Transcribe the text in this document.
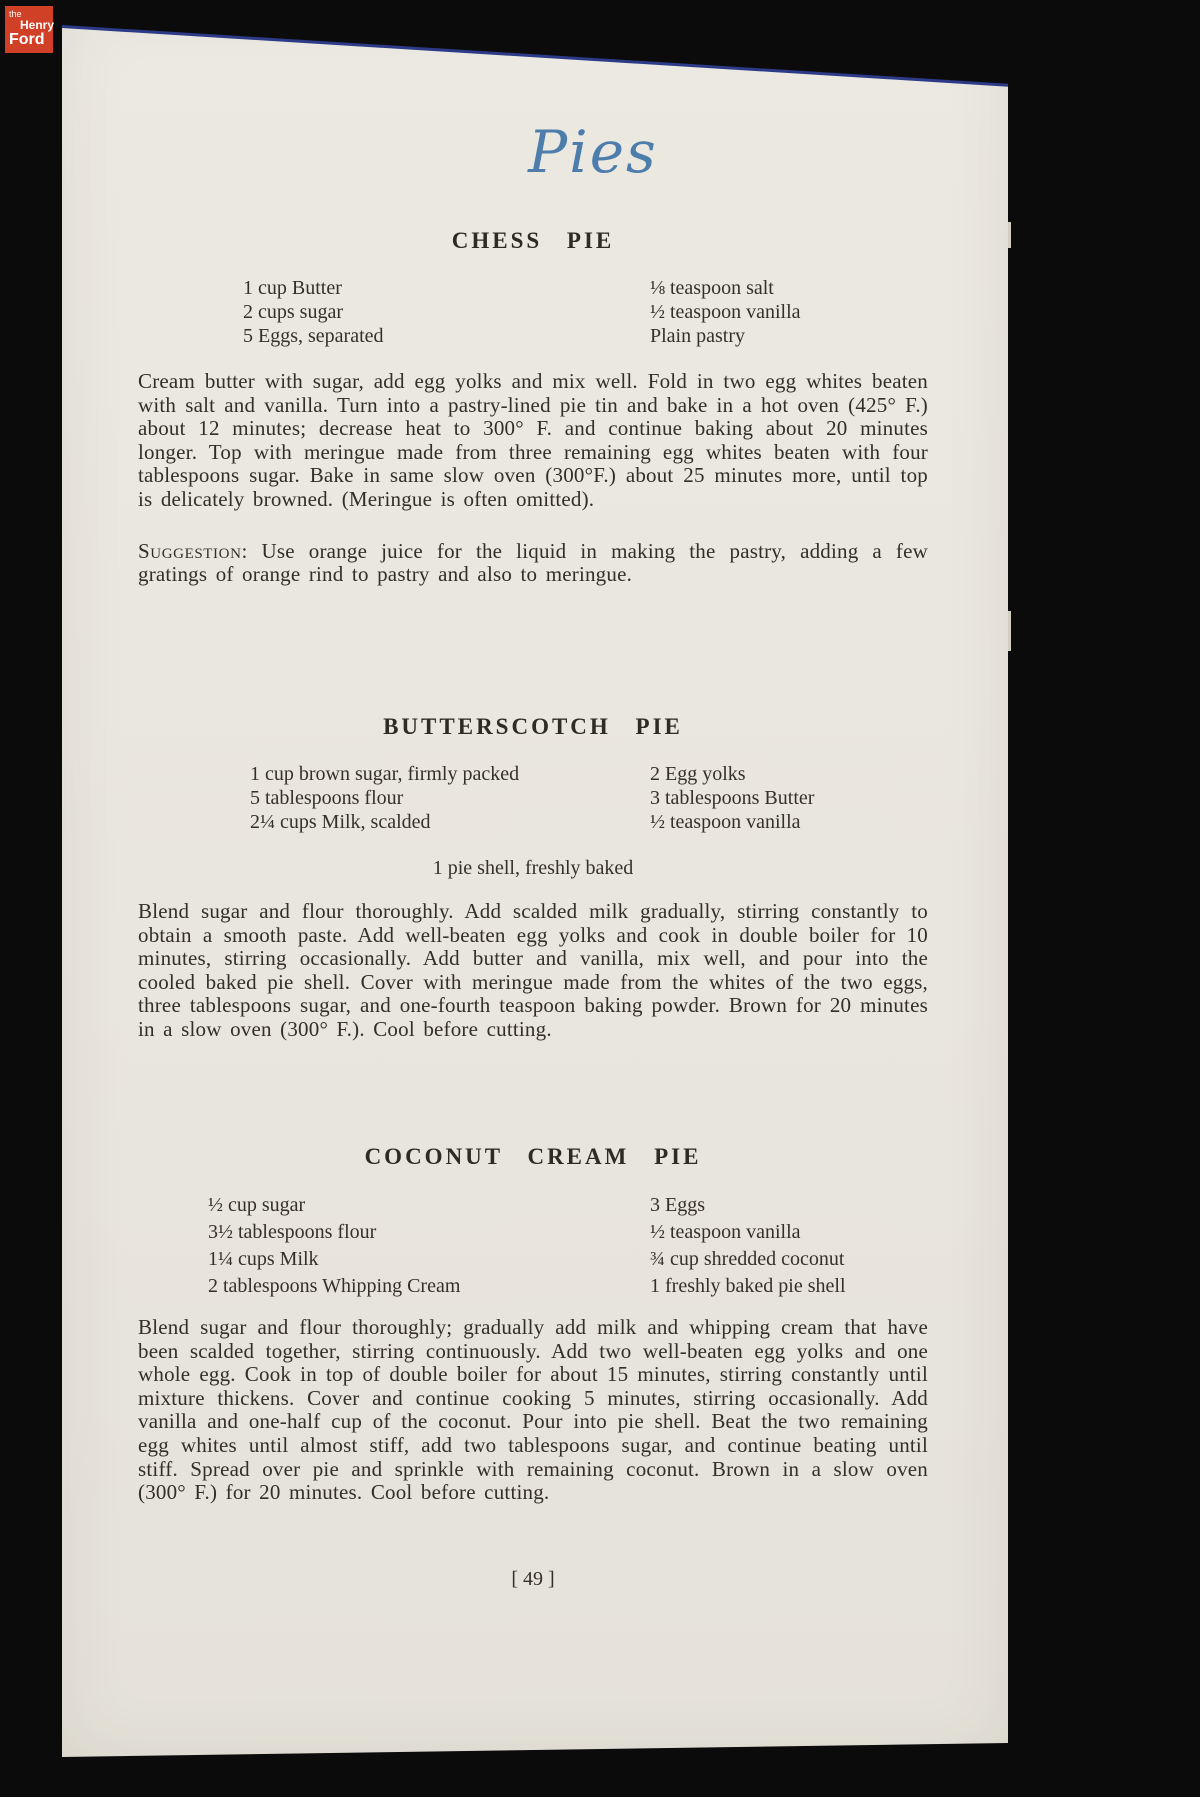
the
Henry
Ford
Pies
CHESS PIE
1 cup Butter
2 cups sugar
5 Eggs, separated
⅛ teaspoon salt
½ teaspoon vanilla
Plain pastry

Cream butter with sugar, add egg yolks and mix well. Fold in two egg whites beaten with salt and vanilla. Turn into a pastry-lined pie tin and bake in a hot oven (425° F.) about 12 minutes; decrease heat to 300° F. and continue baking about 20 minutes longer. Top with meringue made from three remaining egg whites beaten with four tablespoons sugar. Bake in same slow oven (300°F.) about 25 minutes more, until top is delicately browned. (Meringue is often omitted).

Suggestion: Use orange juice for the liquid in making the pastry, adding a few gratings of orange rind to pastry and also to meringue.

BUTTERSCOTCH PIE
1 cup brown sugar, firmly packed
5 tablespoons flour
2¼ cups Milk, scalded
2 Egg yolks
3 tablespoons Butter
½ teaspoon vanilla
1 pie shell, freshly baked

Blend sugar and flour thoroughly. Add scalded milk gradually, stirring constantly to obtain a smooth paste. Add well-beaten egg yolks and cook in double boiler for 10 minutes, stirring occasionally. Add butter and vanilla, mix well, and pour into the cooled baked pie shell. Cover with meringue made from the whites of the two eggs, three tablespoons sugar, and one-fourth teaspoon baking powder. Brown for 20 minutes in a slow oven (300° F.). Cool before cutting.

COCONUT CREAM PIE
½ cup sugar
3½ tablespoons flour
1¼ cups Milk
2 tablespoons Whipping Cream
3 Eggs
½ teaspoon vanilla
¾ cup shredded coconut
1 freshly baked pie shell

Blend sugar and flour thoroughly; gradually add milk and whipping cream that have been scalded together, stirring continuously. Add two well-beaten egg yolks and one whole egg. Cook in top of double boiler for about 15 minutes, stirring constantly until mixture thickens. Cover and continue cooking 5 minutes, stirring occasionally. Add vanilla and one-half cup of the coconut. Pour into pie shell. Beat the two remaining egg whites until almost stiff, add two tablespoons sugar, and continue beating until stiff. Spread over pie and sprinkle with remaining coconut. Brown in a slow oven (300° F.) for 20 minutes. Cool before cutting.

[ 49 ]
